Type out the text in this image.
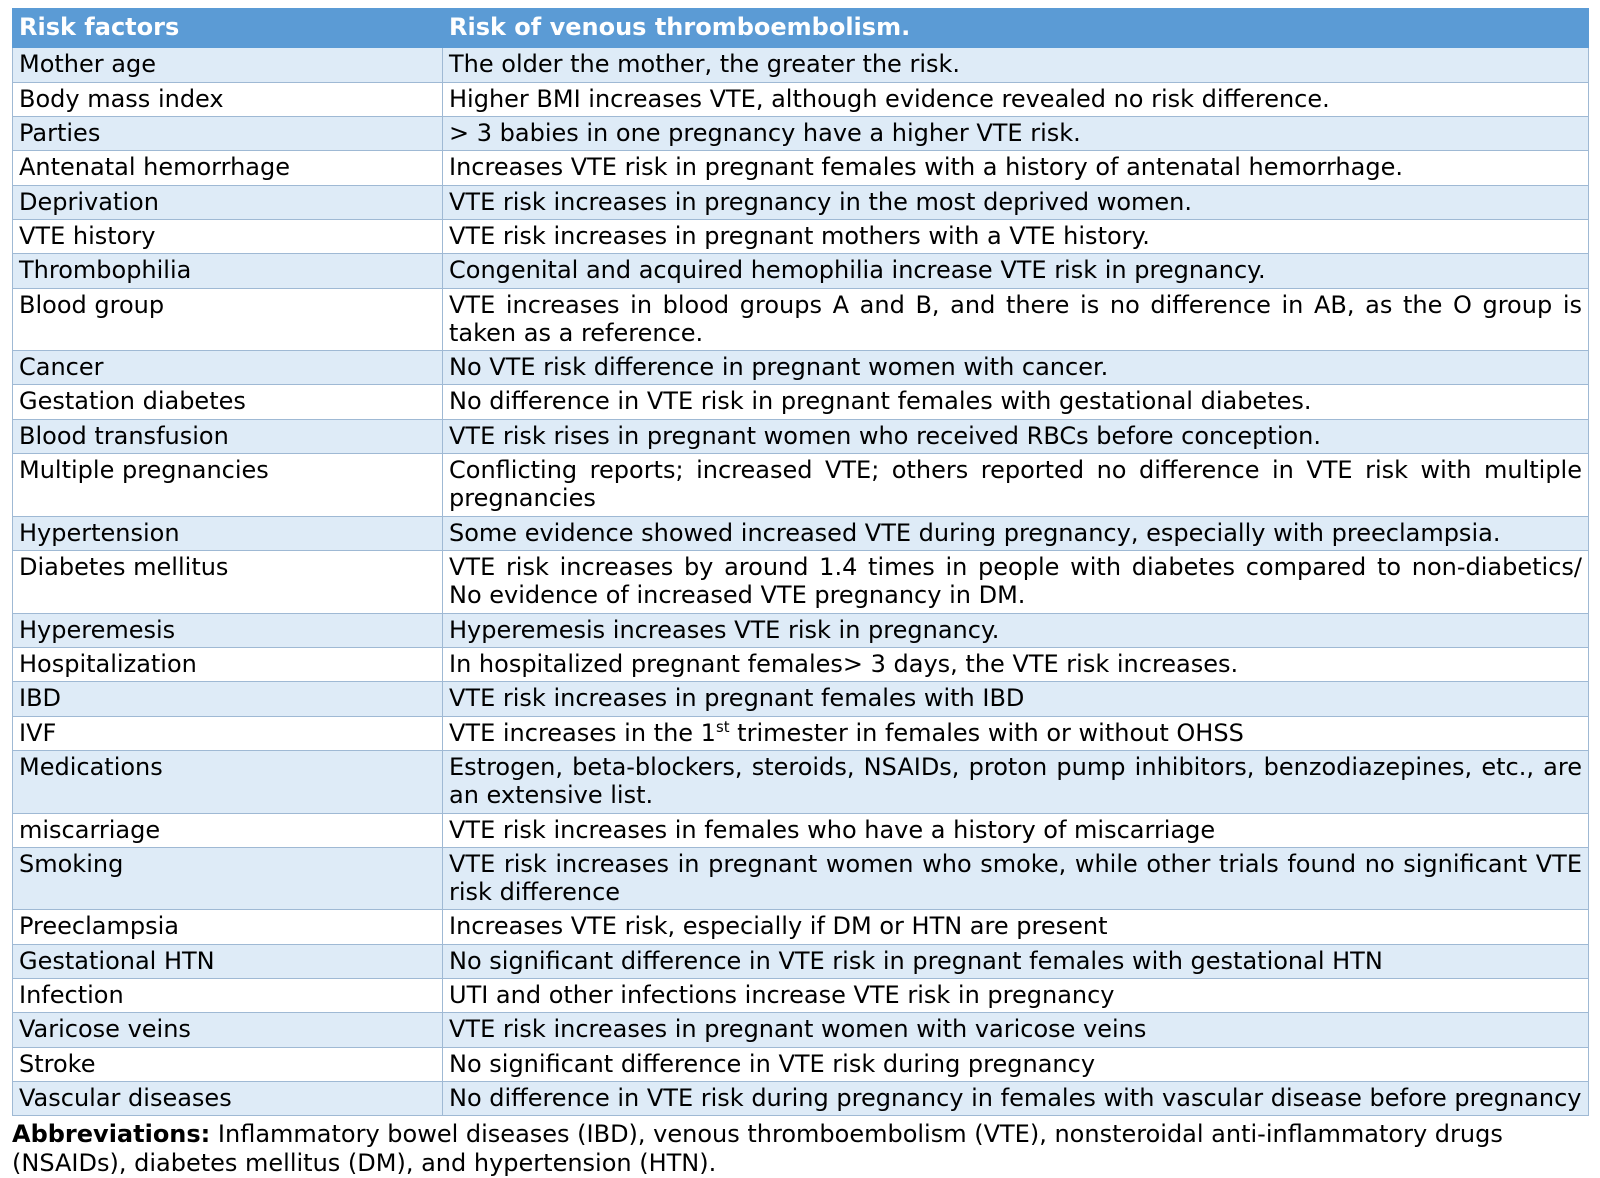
Risk factors	Risk of venous thromboembolism.
Mother age	The older the mother, the greater the risk.
Body mass index	Higher BMI increases VTE, although evidence revealed no risk difference.
Parties	> 3 babies in one pregnancy have a higher VTE risk.
Antenatal hemorrhage	Increases VTE risk in pregnant females with a history of antenatal hemorrhage.
Deprivation	VTE risk increases in pregnancy in the most deprived women.
VTE history	VTE risk increases in pregnant mothers with a VTE history.
Thrombophilia	Congenital and acquired hemophilia increase VTE risk in pregnancy.
Blood group	VTE increases in blood groups A and B, and there is no difference in AB, as the O group is taken as a reference.
Cancer	No VTE risk difference in pregnant women with cancer.
Gestation diabetes	No difference in VTE risk in pregnant females with gestational diabetes.
Blood transfusion	VTE risk rises in pregnant women who received RBCs before conception.
Multiple pregnancies	Conflicting reports; increased VTE; others reported no difference in VTE risk with multiple pregnancies
Hypertension	Some evidence showed increased VTE during pregnancy, especially with preeclampsia.
Diabetes mellitus	VTE risk increases by around 1.4 times in people with diabetes compared to non-diabetics/ No evidence of increased VTE pregnancy in DM.
Hyperemesis	Hyperemesis increases VTE risk in pregnancy.
Hospitalization	In hospitalized pregnant females> 3 days, the VTE risk increases.
IBD	VTE risk increases in pregnant females with IBD
IVF	VTE increases in the 1st trimester in females with or without OHSS
Medications	Estrogen, beta-blockers, steroids, NSAIDs, proton pump inhibitors, benzodiazepines, etc., are an extensive list.
miscarriage	VTE risk increases in females who have a history of miscarriage
Smoking	VTE risk increases in pregnant women who smoke, while other trials found no significant VTE risk difference
Preeclampsia	Increases VTE risk, especially if DM or HTN are present
Gestational HTN	No significant difference in VTE risk in pregnant females with gestational HTN
Infection	UTI and other infections increase VTE risk in pregnancy
Varicose veins	VTE risk increases in pregnant women with varicose veins
Stroke	No significant difference in VTE risk during pregnancy
Vascular diseases	No difference in VTE risk during pregnancy in females with vascular disease before pregnancy
Abbreviations: Inflammatory bowel diseases (IBD), venous thromboembolism (VTE), nonsteroidal anti-inflammatory drugs (NSAIDs), diabetes mellitus (DM), and hypertension (HTN).
